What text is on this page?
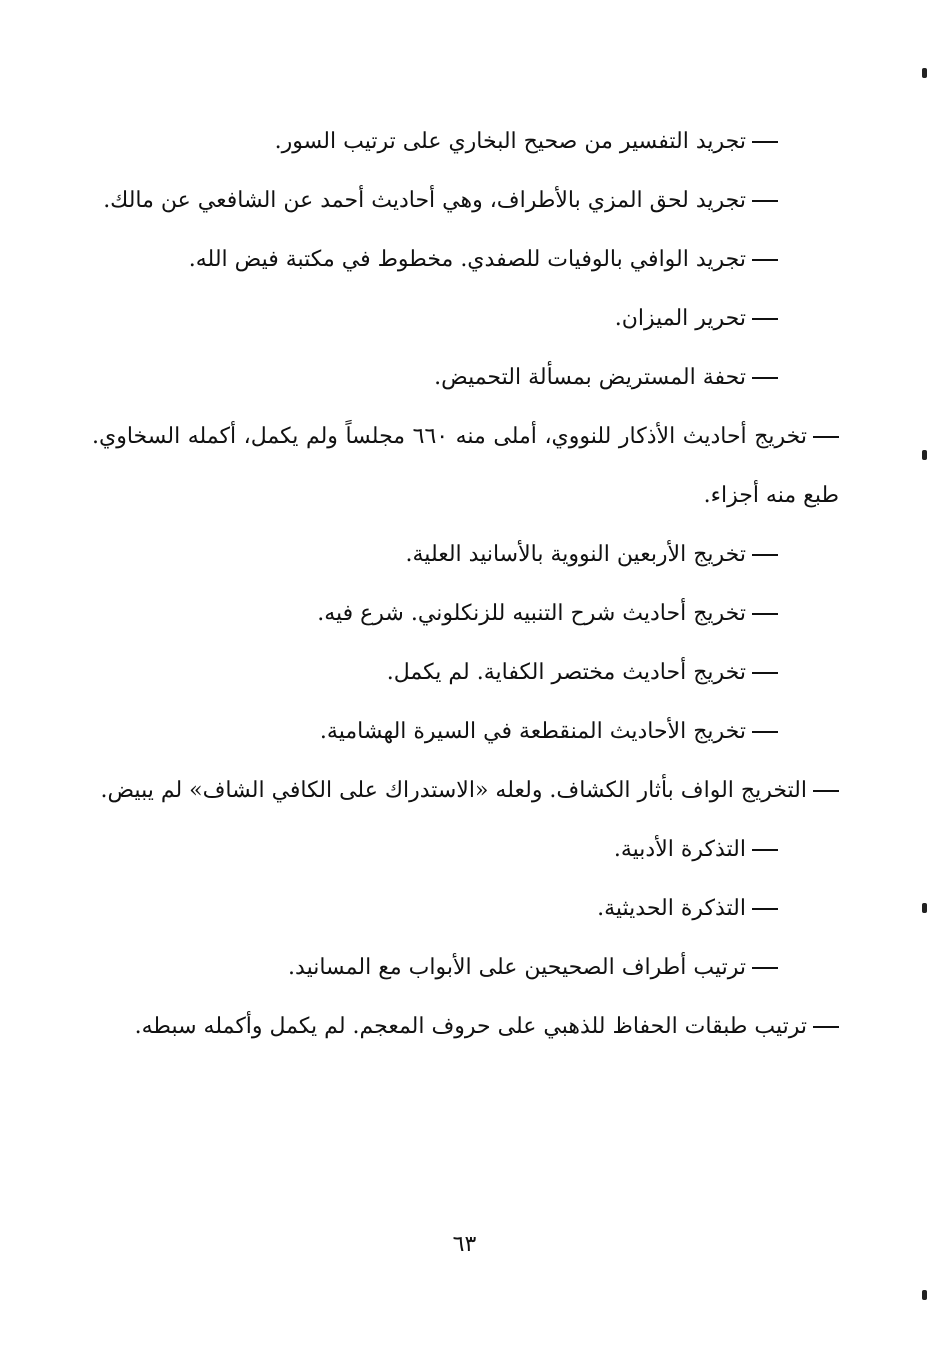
تجريد التفسير من صحيح البخاري على ترتيب السور.
تجريد لحق المزي بالأطراف، وهي أحاديث أحمد عن الشافعي عن مالك.
تجريد الوافي بالوفيات للصفدي. مخطوط في مكتبة فيض الله.
تحرير الميزان.
تحفة المستريض بمسألة التحميض.
تخريج أحاديث الأذكار للنووي، أملى منه ٦٦٠ مجلساً ولم يكمل، أكمله السخاوي. طبع منه أجزاء.
تخريج الأربعين النووية بالأسانيد العلية.
تخريج أحاديث شرح التنبيه للزنكلوني. شرع فيه.
تخريج أحاديث مختصر الكفاية. لم يكمل.
تخريج الأحاديث المنقطعة في السيرة الهشامية.
التخريج الواف بأثار الكشاف. ولعله «الاستدراك على الكافي الشاف» لم يبيض.
التذكرة الأدبية.
التذكرة الحديثية.
ترتيب أطراف الصحيحين على الأبواب مع المسانيد.
ترتيب طبقات الحفاظ للذهبي على حروف المعجم. لم يكمل وأكمله سبطه.
٦٣
